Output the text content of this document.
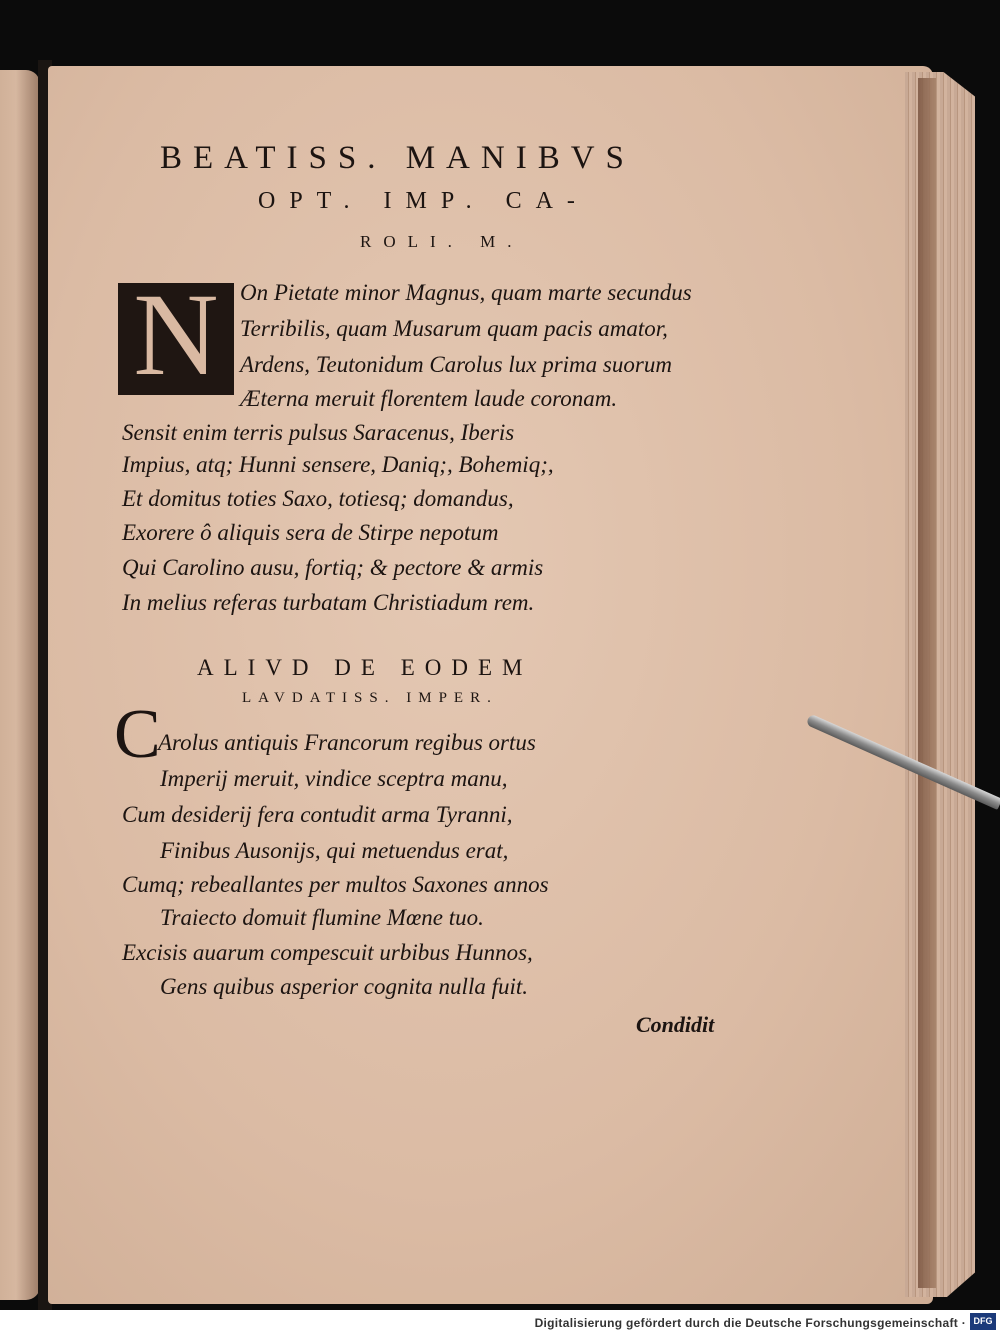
BEATISS. MANIBVS
OPT. IMP. CA-
ROLI. M.
N On Pietate minor Magnus, quam marte secundus
Terribilis, quam Musarum quam pacis amator,
Ardens, Teutonidum Carolus lux prima suorum
Æterna meruit florentem laude coronam.
Sensit enim terris pulsus Saracenus, Iberis
Impius, atq; Hunni sensere, Daniq;, Bohemiq;,
Et domitus toties Saxo, totiesq; domandus,
Exorere ô aliquis sera de Stirpe nepotum
Qui Carolino ausu, fortiq; & pectore & armis
In melius referas turbatam Christiadum rem.
ALIVD DE EODEM
LAVDATISS. IMPER.
C
Arolus antiquis Francorum regibus ortus
Imperij meruit, vindice sceptra manu,
Cum desiderij fera contudit arma Tyranni,
Finibus Ausonijs, qui metuendus erat,
Cumq; rebeallantes per multos Saxones annos
Traiecto domuit flumine Mœne tuo.
Excisis auarum compescuit urbibus Hunnos,
Gens quibus asperior cognita nulla fuit.
Condidit
Digitalisierung gefördert durch die Deutsche Forschungsgemeinschaft · DFG
